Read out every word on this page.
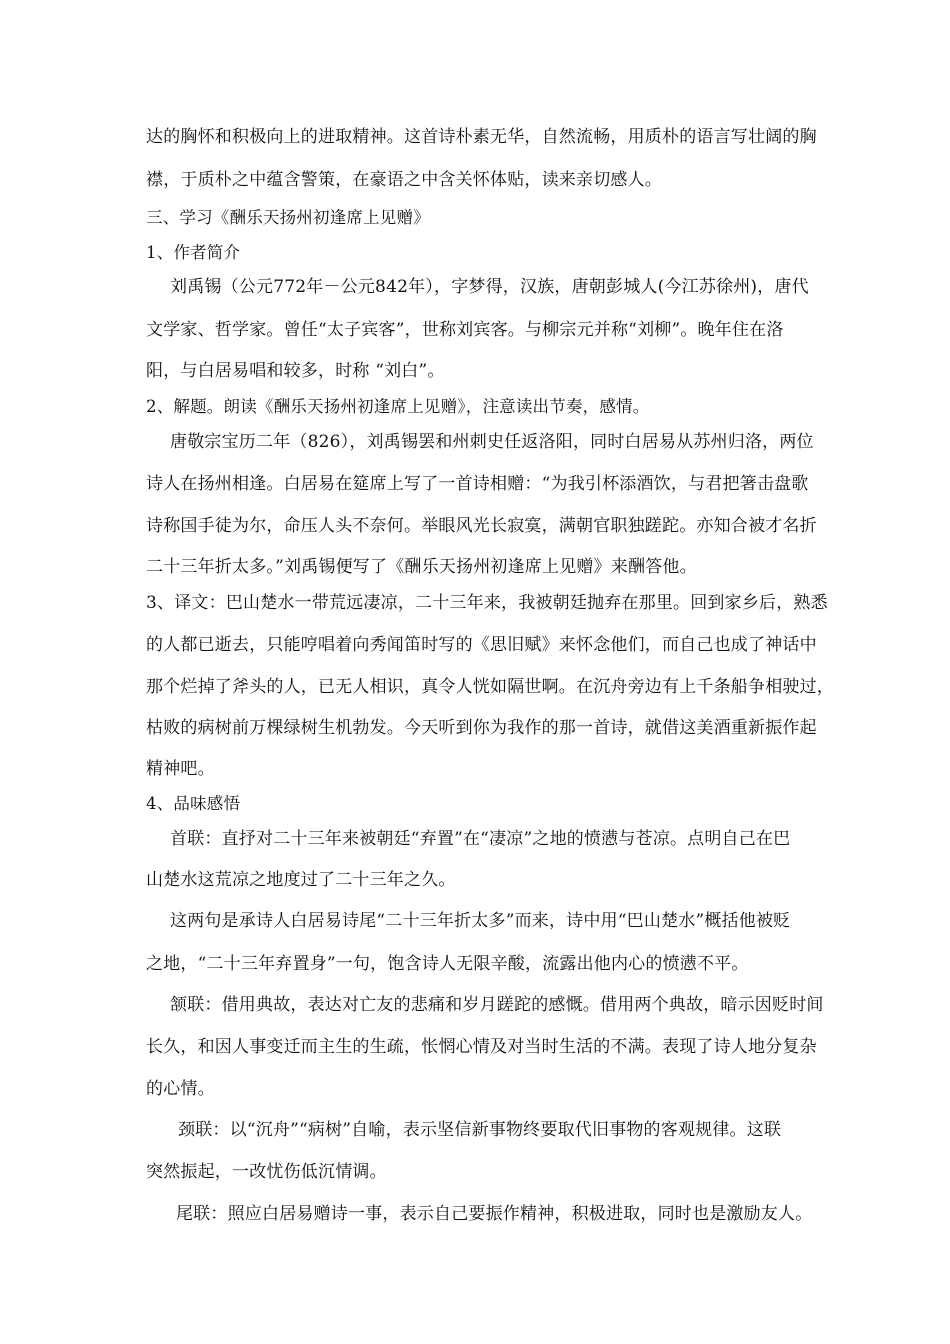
达的胸怀和积极向上的进取精神。这首诗朴素无华，自然流畅，用质朴的语言写壮阔的胸
襟，于质朴之中蕴含警策，在豪语之中含关怀体贴，读来亲切感人。
三、学习《酬乐天扬州初逢席上见赠》
1、作者简介
刘禹锡（公元772年－公元842年），字梦得，汉族，唐朝彭城人(今江苏徐州)，唐代
文学家、哲学家。曾任“太子宾客”，世称刘宾客。与柳宗元并称“刘柳”。晚年住在洛
阳，与白居易唱和较多，时称 “刘白”。
2、解题。朗读《酬乐天扬州初逢席上见赠》，注意读出节奏，感情。
唐敬宗宝历二年（826），刘禹锡罢和州刺史任返洛阳，同时白居易从苏州归洛，两位
诗人在扬州相逢。白居易在筵席上写了一首诗相赠：“为我引杯添酒饮，与君把箸击盘歌
诗称国手徒为尔，命压人头不奈何。举眼风光长寂寞，满朝官职独蹉跎。亦知合被才名折
二十三年折太多。”刘禹锡便写了《酬乐天扬州初逢席上见赠》来酬答他。
3、译文：巴山楚水一带荒远凄凉，二十三年来，我被朝廷抛弃在那里。回到家乡后，熟悉
的人都已逝去，只能哼唱着向秀闻笛时写的《思旧赋》来怀念他们，而自己也成了神话中
那个烂掉了斧头的人，已无人相识，真令人恍如隔世啊。在沉舟旁边有上千条船争相驶过，
枯败的病树前万棵绿树生机勃发。今天听到你为我作的那一首诗，就借这美酒重新振作起
精神吧。
4、品味感悟
首联：直抒对二十三年来被朝廷“弃置”在“凄凉”之地的愤懑与苍凉。点明自己在巴
山楚水这荒凉之地度过了二十三年之久。
这两句是承诗人白居易诗尾“二十三年折太多”而来，诗中用“巴山楚水”概括他被贬
之地，“二十三年弃置身”一句，饱含诗人无限辛酸，流露出他内心的愤懑不平。
颔联：借用典故，表达对亡友的悲痛和岁月蹉跎的感慨。借用两个典故，暗示因贬时间
长久，和因人事变迁而主生的生疏，怅惘心情及对当时生活的不满。表现了诗人地分复杂
的心情。
颈联：以“沉舟”“病树”自喻，表示坚信新事物终要取代旧事物的客观规律。这联
突然振起，一改忧伤低沉情调。
尾联：照应白居易赠诗一事，表示自己要振作精神，积极进取，同时也是激励友人。
